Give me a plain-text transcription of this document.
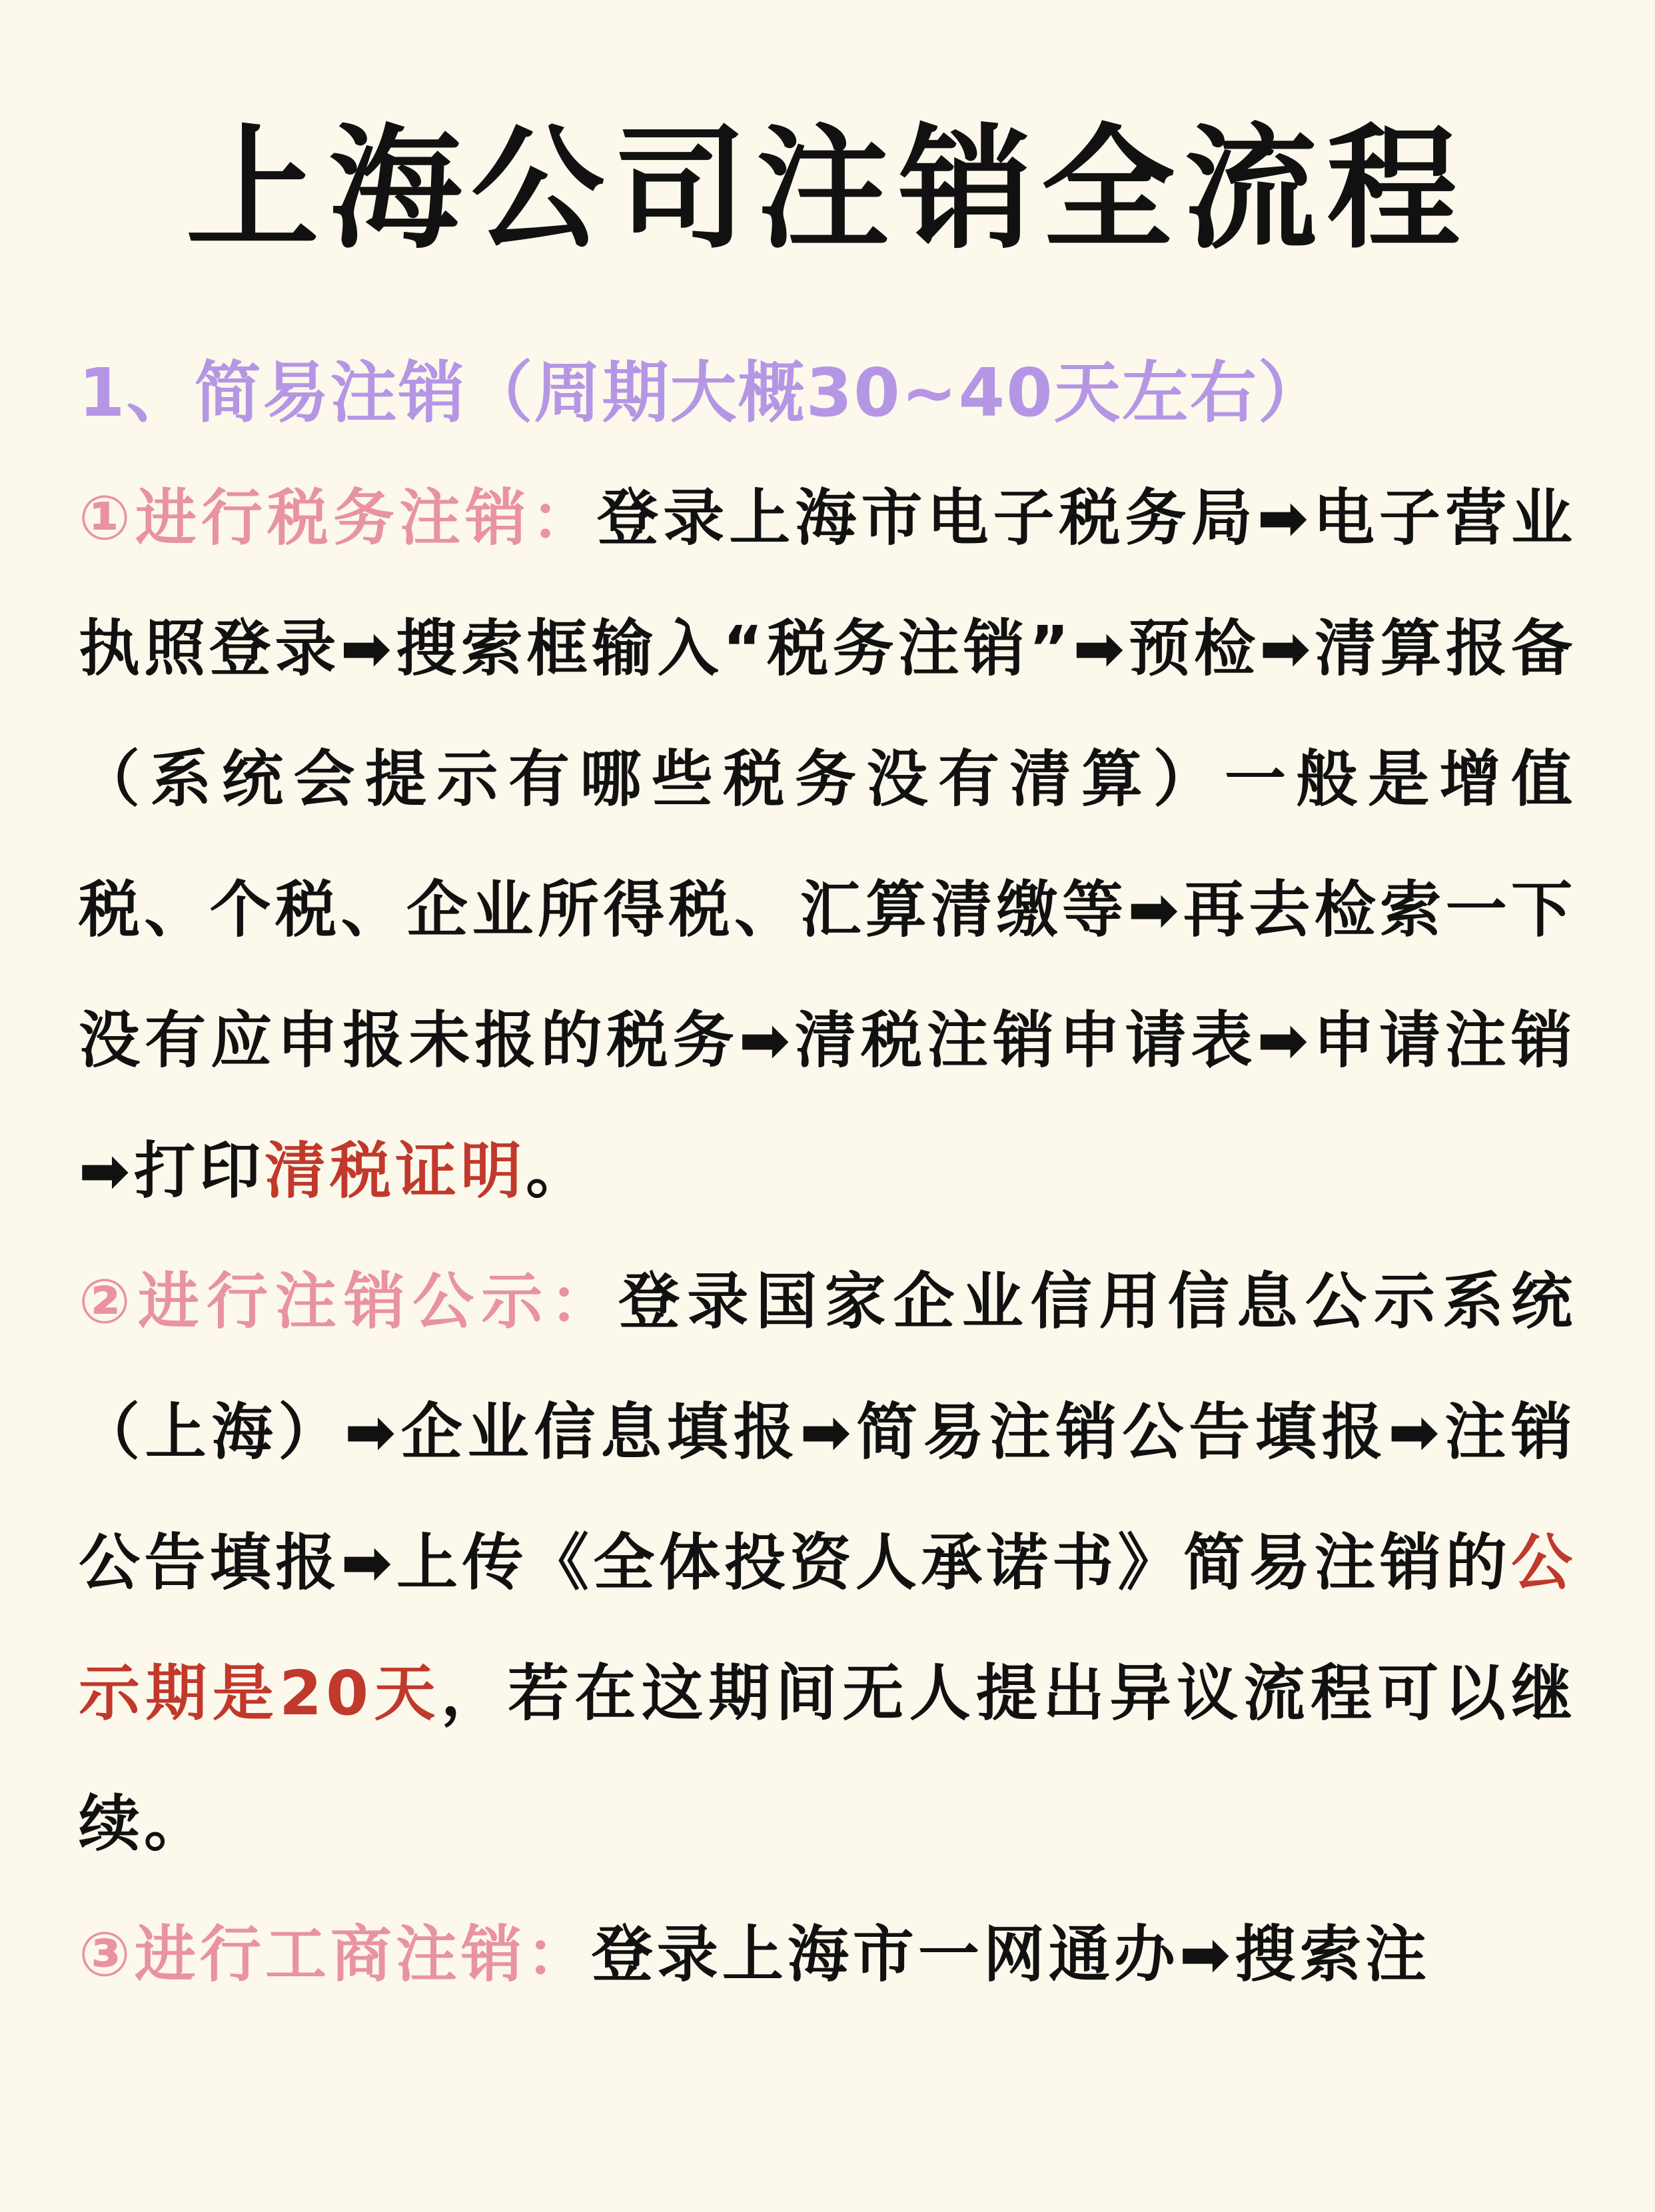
上海公司注销全流程
1、简易注销（周期大概30~40天左右）

①进行税务注销：登录上海市电子税务局➡电子营业执照登录➡搜索框输入“税务注销”➡预检➡清算报备（系统会提示有哪些税务没有清算）一般是增值税、个税、企业所得税、汇算清缴等➡再去检索一下没有应申报未报的税务➡清税注销申请表➡申请注销➡打印清税证明。

②进行注销公示：登录国家企业信用信息公示系统（上海）➡企业信息填报➡简易注销公告填报➡注销公告填报➡上传《全体投资人承诺书》简易注销的公示期是20天，若在这期间无人提出异议流程可以继续。

③进行工商注销：登录上海市一网通办➡搜索注
